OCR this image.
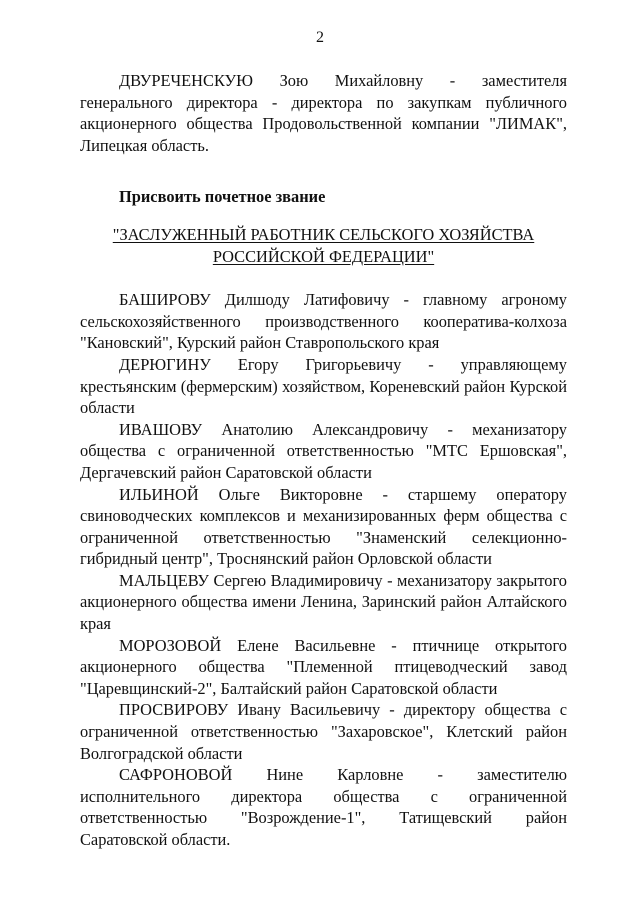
2

ДВУРЕЧЕНСКУЮ Зою Михайловну - заместителя генерального директора - директора по закупкам публичного акционерного общества Продовольственной компании "ЛИМАК", Липецкая область.

Присвоить почетное звание

"ЗАСЛУЖЕННЫЙ РАБОТНИК СЕЛЬСКОГО ХОЗЯЙСТВА
РОССИЙСКОЙ ФЕДЕРАЦИИ"

БАШИРОВУ Дилшоду Латифовичу - главному агроному сельскохозяйственного производственного кооператива-колхоза "Кановский", Курский район Ставропольского края

ДЕРЮГИНУ Егору Григорьевичу - управляющему крестьянским (фермерским) хозяйством, Кореневский район Курской области

ИВАШОВУ Анатолию Александровичу - механизатору общества с ограниченной ответственностью "МТС Ершовская", Дергачевский район Саратовской области

ИЛЬИНОЙ Ольге Викторовне - старшему оператору свиноводческих комплексов и механизированных ферм общества с ограниченной ответственностью "Знаменский селекционно-гибридный центр", Троснянский район Орловской области

МАЛЬЦЕВУ Сергею Владимировичу - механизатору закрытого акционерного общества имени Ленина, Заринский район Алтайского края

МОРОЗОВОЙ Елене Васильевне - птичнице открытого акционерного общества "Племенной птицеводческий завод "Царевщинский-2", Балтайский район Саратовской области

ПРОСВИРОВУ Ивану Васильевичу - директору общества с ограниченной ответственностью "Захаровское", Клетский район Волгоградской области

САФРОНОВОЙ Нине Карловне - заместителю исполнительного директора общества с ограниченной ответственностью "Возрождение-1", Татищевский район Саратовской области.
